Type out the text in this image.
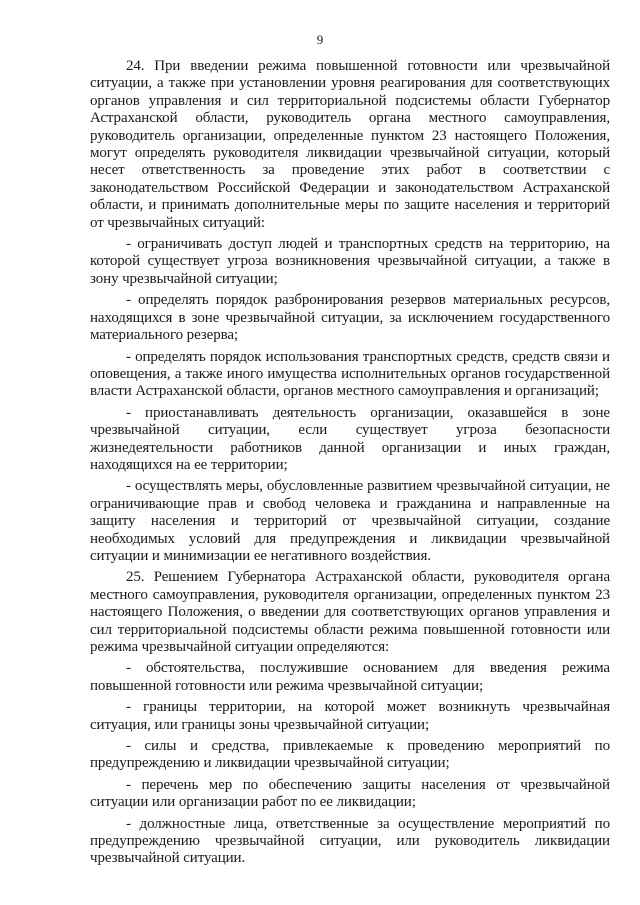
9

24. При введении режима повышенной готовности или чрезвычайной ситуации, а также при установлении уровня реагирования для соответствующих органов управления и сил территориальной подсистемы области Губернатор Астраханской области, руководитель органа местного самоуправления, руководитель организации, определенные пунктом 23 настоящего Положения, могут определять руководителя ликвидации чрезвычайной ситуации, который несет ответственность за проведение этих работ в соответствии с законодательством Российской Федерации и законодательством Астраханской области, и принимать дополнительные меры по защите населения и территорий от чрезвычайных ситуаций:

- ограничивать доступ людей и транспортных средств на территорию, на которой существует угроза возникновения чрезвычайной ситуации, а также в зону чрезвычайной ситуации;

- определять порядок разбронирования резервов материальных ресурсов, находящихся в зоне чрезвычайной ситуации, за исключением государственного материального резерва;

- определять порядок использования транспортных средств, средств связи и оповещения, а также иного имущества исполнительных органов государственной власти Астраханской области, органов местного самоуправления и организаций;

- приостанавливать деятельность организации, оказавшейся в зоне чрезвычайной ситуации, если существует угроза безопасности жизнедеятельности работников данной организации и иных граждан, находящихся на ее территории;

- осуществлять меры, обусловленные развитием чрезвычайной ситуации, не ограничивающие прав и свобод человека и гражданина и направленные на защиту населения и территорий от чрезвычайной ситуации, создание необходимых условий для предупреждения и ликвидации чрезвычайной ситуации и минимизации ее негативного воздействия.

25. Решением Губернатора Астраханской области, руководителя органа местного самоуправления, руководителя организации, определенных пунктом 23 настоящего Положения, о введении для соответствующих органов управления и сил территориальной подсистемы области режима повышенной готовности или режима чрезвычайной ситуации определяются:

- обстоятельства, послужившие основанием для введения режима повышенной готовности или режима чрезвычайной ситуации;

- границы территории, на которой может возникнуть чрезвычайная ситуация, или границы зоны чрезвычайной ситуации;

- силы и средства, привлекаемые к проведению мероприятий по предупреждению и ликвидации чрезвычайной ситуации;

- перечень мер по обеспечению защиты населения от чрезвычайной ситуации или организации работ по ее ликвидации;

- должностные лица, ответственные за осуществление мероприятий по предупреждению чрезвычайной ситуации, или руководитель ликвидации чрезвычайной ситуации.
